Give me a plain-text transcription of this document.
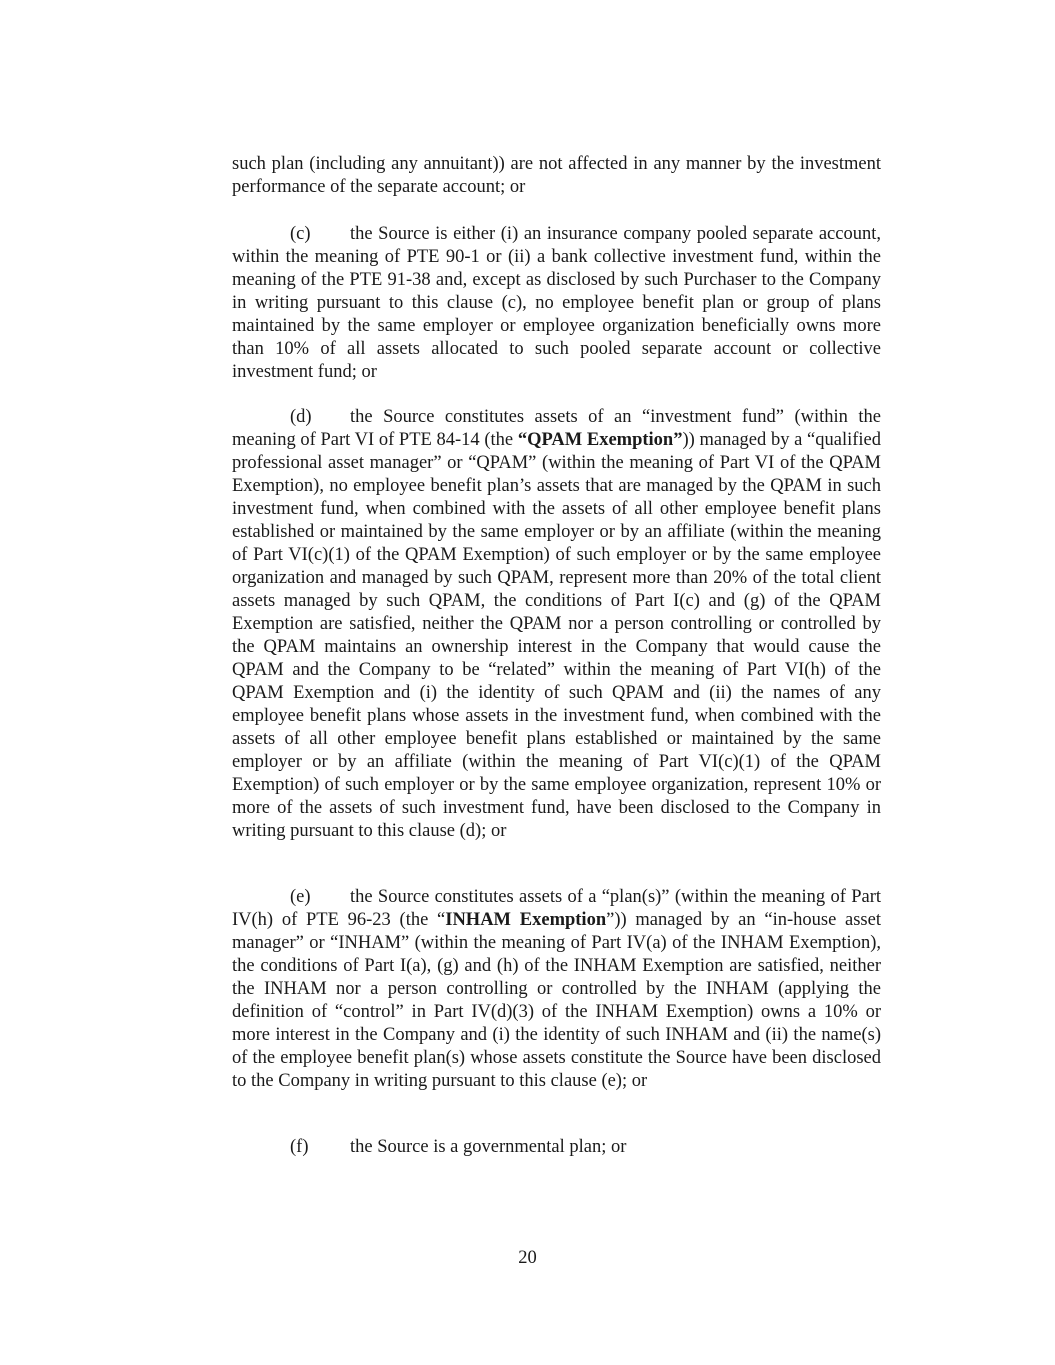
such plan (including any annuitant)) are not affected in any manner by the investment performance of the separate account; or

(c) the Source is either (i) an insurance company pooled separate account, within the meaning of PTE 90-1 or (ii) a bank collective investment fund, within the meaning of the PTE 91-38 and, except as disclosed by such Purchaser to the Company in writing pursuant to this clause (c), no employee benefit plan or group of plans maintained by the same employer or employee organization beneficially owns more than 10% of all assets allocated to such pooled separate account or collective investment fund; or

(d) the Source constitutes assets of an “investment fund” (within the meaning of Part VI of PTE 84-14 (the “QPAM Exemption”)) managed by a “qualified professional asset manager” or “QPAM” (within the meaning of Part VI of the QPAM Exemption), no employee benefit plan’s assets that are managed by the QPAM in such investment fund, when combined with the assets of all other employee benefit plans established or maintained by the same employer or by an affiliate (within the meaning of Part VI(c)(1) of the QPAM Exemption) of such employer or by the same employee organization and managed by such QPAM, represent more than 20% of the total client assets managed by such QPAM, the conditions of Part I(c) and (g) of the QPAM Exemption are satisfied, neither the QPAM nor a person controlling or controlled by the QPAM maintains an ownership interest in the Company that would cause the QPAM and the Company to be “related” within the meaning of Part VI(h) of the QPAM Exemption and (i) the identity of such QPAM and (ii) the names of any employee benefit plans whose assets in the investment fund, when combined with the assets of all other employee benefit plans established or maintained by the same employer or by an affiliate (within the meaning of Part VI(c)(1) of the QPAM Exemption) of such employer or by the same employee organization, represent 10% or more of the assets of such investment fund, have been disclosed to the Company in writing pursuant to this clause (d); or

(e) the Source constitutes assets of a “plan(s)” (within the meaning of Part IV(h) of PTE 96-23 (the “INHAM Exemption”)) managed by an “in-house asset manager” or “INHAM” (within the meaning of Part IV(a) of the INHAM Exemption), the conditions of Part I(a), (g) and (h) of the INHAM Exemption are satisfied, neither the INHAM nor a person controlling or controlled by the INHAM (applying the definition of “control” in Part IV(d)(3) of the INHAM Exemption) owns a 10% or more interest in the Company and (i) the identity of such INHAM and (ii) the name(s) of the employee benefit plan(s) whose assets constitute the Source have been disclosed to the Company in writing pursuant to this clause (e); or

(f) the Source is a governmental plan; or

20
